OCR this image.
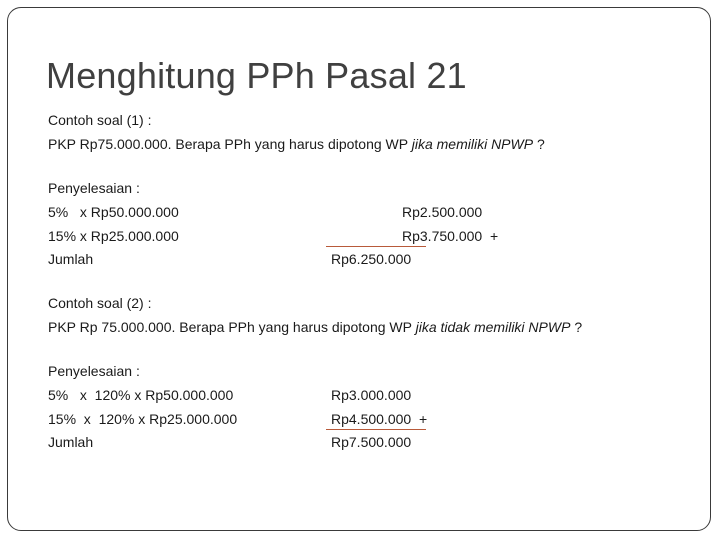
Menghitung PPh Pasal 21
Contoh soal (1) :
PKP Rp75.000.000. Berapa PPh yang harus dipotong WP jika memiliki NPWP ?
Penyelesaian :
5%   x Rp50.000.000	Rp2.500.000
15% x Rp25.000.000	Rp3.750.000  +
Jumlah	Rp6.250.000
Contoh soal (2) :
PKP Rp 75.000.000. Berapa PPh yang harus dipotong WP jika tidak memiliki NPWP ?
Penyelesaian :
5%   x  120% x Rp50.000.000	Rp3.000.000
15%  x  120% x Rp25.000.000	Rp4.500.000  +
Jumlah	Rp7.500.000
